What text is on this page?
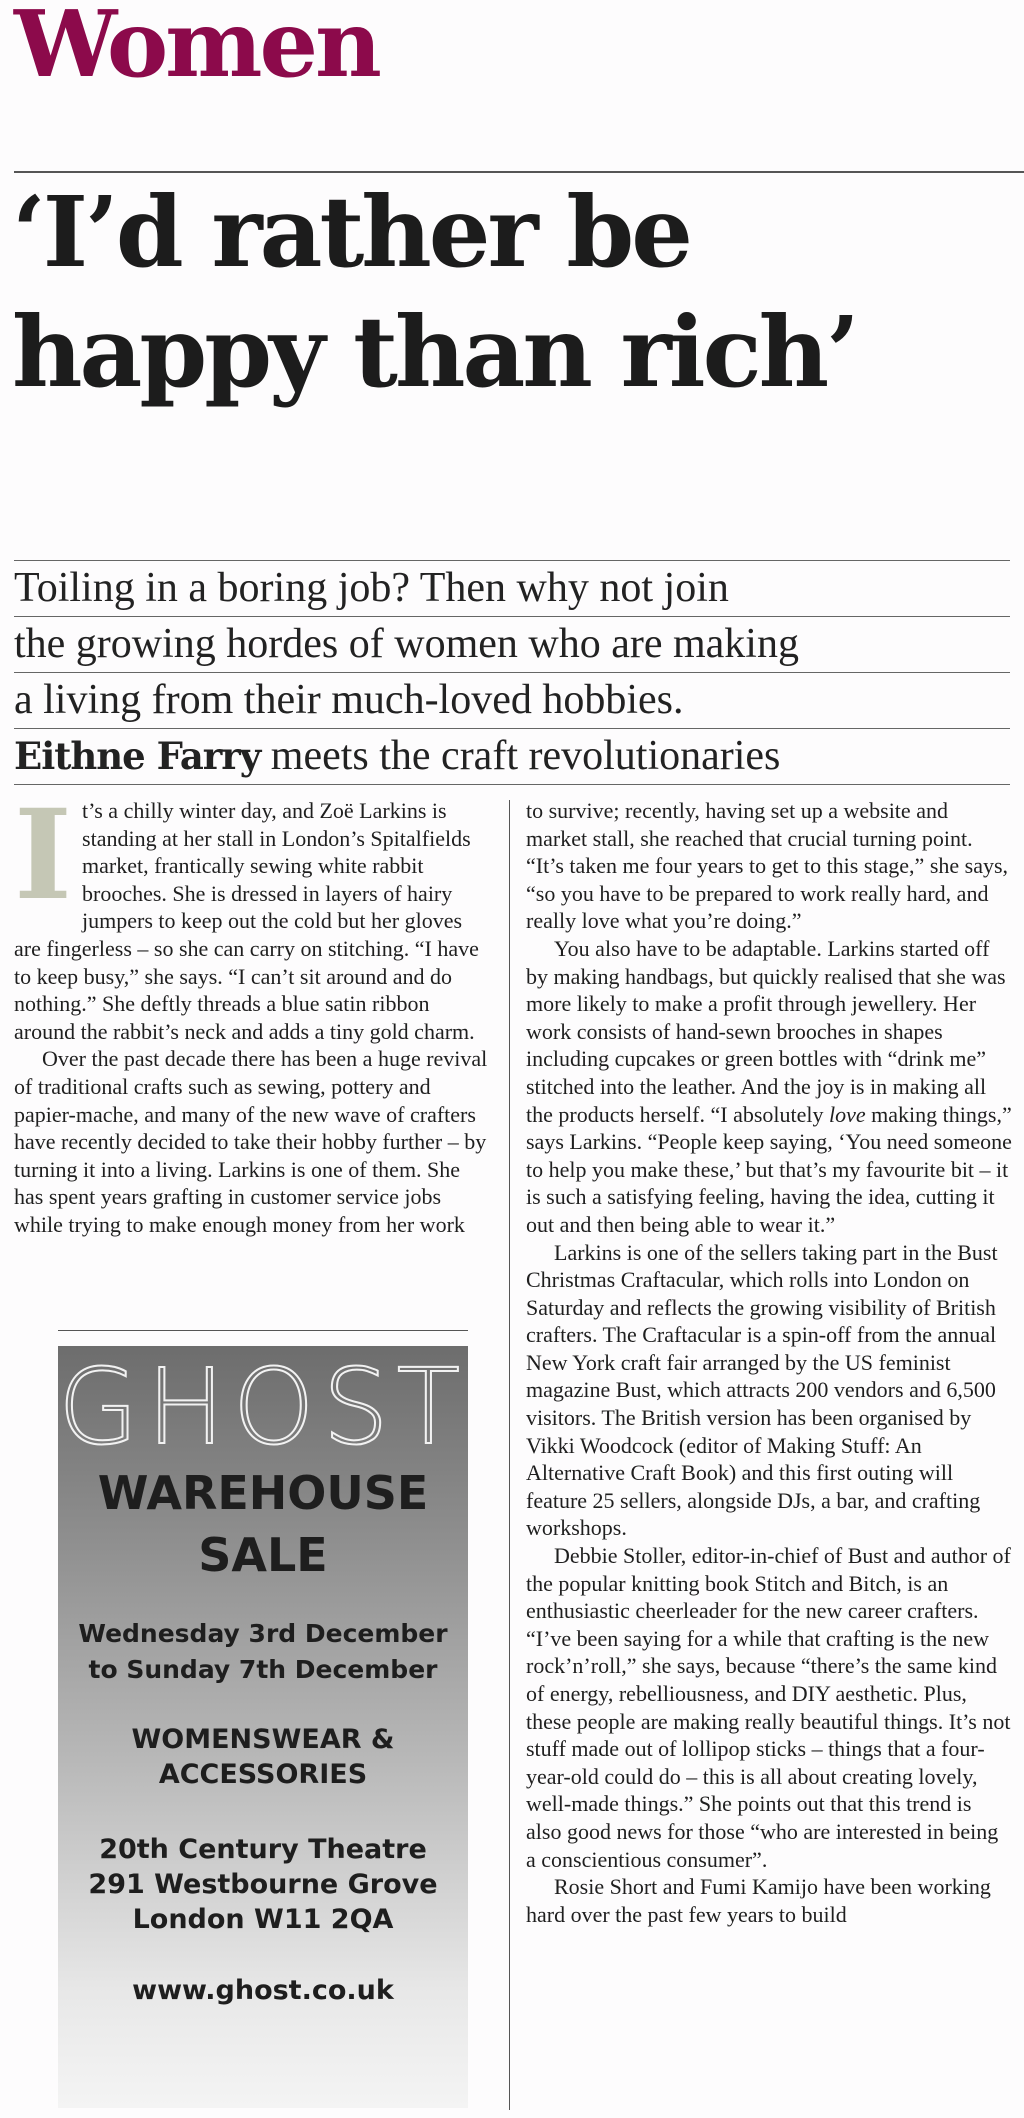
Women
‘I’d rather be
happy than rich’
Toiling in a boring job? Then why not join
the growing hordes of women who are making
a living from their much-loved hobbies.
Eithne Farry meets the craft revolutionaries
I t’s a chilly winter day, and Zoë Larkins is standing at her stall in London’s Spitalfields market, frantically sewing white rabbit brooches. She is dressed in layers of hairy jumpers to keep out the cold but her gloves are fingerless – so she can carry on stitching. “I have to keep busy,” she says. “I can’t sit around and do nothing.” She deftly threads a blue satin ribbon around the rabbit’s neck and adds a tiny gold charm.

Over the past decade there has been a huge revival of traditional crafts such as sewing, pottery and papier-mache, and many of the new wave of crafters have recently decided to take their hobby further – by turning it into a living. Larkins is one of them. She has spent years grafting in customer service jobs while trying to make enough money from her work

to survive; recently, having set up a website and market stall, she reached that crucial turning point. “It’s taken me four years to get to this stage,” she says, “so you have to be prepared to work really hard, and really love what you’re doing.”

You also have to be adaptable. Larkins started off by making handbags, but quickly realised that she was more likely to make a profit through jewellery. Her work consists of hand-sewn brooches in shapes including cupcakes or green bottles with “drink me” stitched into the leather. And the joy is in making all the products herself. “I absolutely love making things,” says Larkins. “People keep saying, ‘You need someone to help you make these,’ but that’s my favourite bit – it is such a satisfying feeling, having the idea, cutting it out and then being able to wear it.”

Larkins is one of the sellers taking part in the Bust Christmas Craftacular, which rolls into London on Saturday and reflects the growing visibility of British crafters. The Craftacular is a spin-off from the annual New York craft fair arranged by the US feminist magazine Bust, which attracts 200 vendors and 6,500 visitors. The British version has been organised by Vikki Woodcock (editor of Making Stuff: An Alternative Craft Book) and this first outing will feature 25 sellers, alongside DJs, a bar, and crafting workshops.

Debbie Stoller, editor-in-chief of Bust and author of the popular knitting book Stitch and Bitch, is an enthusiastic cheerleader for the new career crafters. “I’ve been saying for a while that crafting is the new rock’n’roll,” she says, because “there’s the same kind of energy, rebelliousness, and DIY aesthetic. Plus, these people are making really beautiful things. It’s not stuff made out of lollipop sticks – things that a four-year-old could do – this is all about creating lovely, well-made things.” She points out that this trend is also good news for those “who are interested in being a conscientious consumer”.

Rosie Short and Fumi Kamijo have been working hard over the past few years to build

GHOST
WAREHOUSE
SALE
Wednesday 3rd December
to Sunday 7th December
WOMENSWEAR &
ACCESSORIES
20th Century Theatre
291 Westbourne Grove
London W11 2QA
www.ghost.co.uk
